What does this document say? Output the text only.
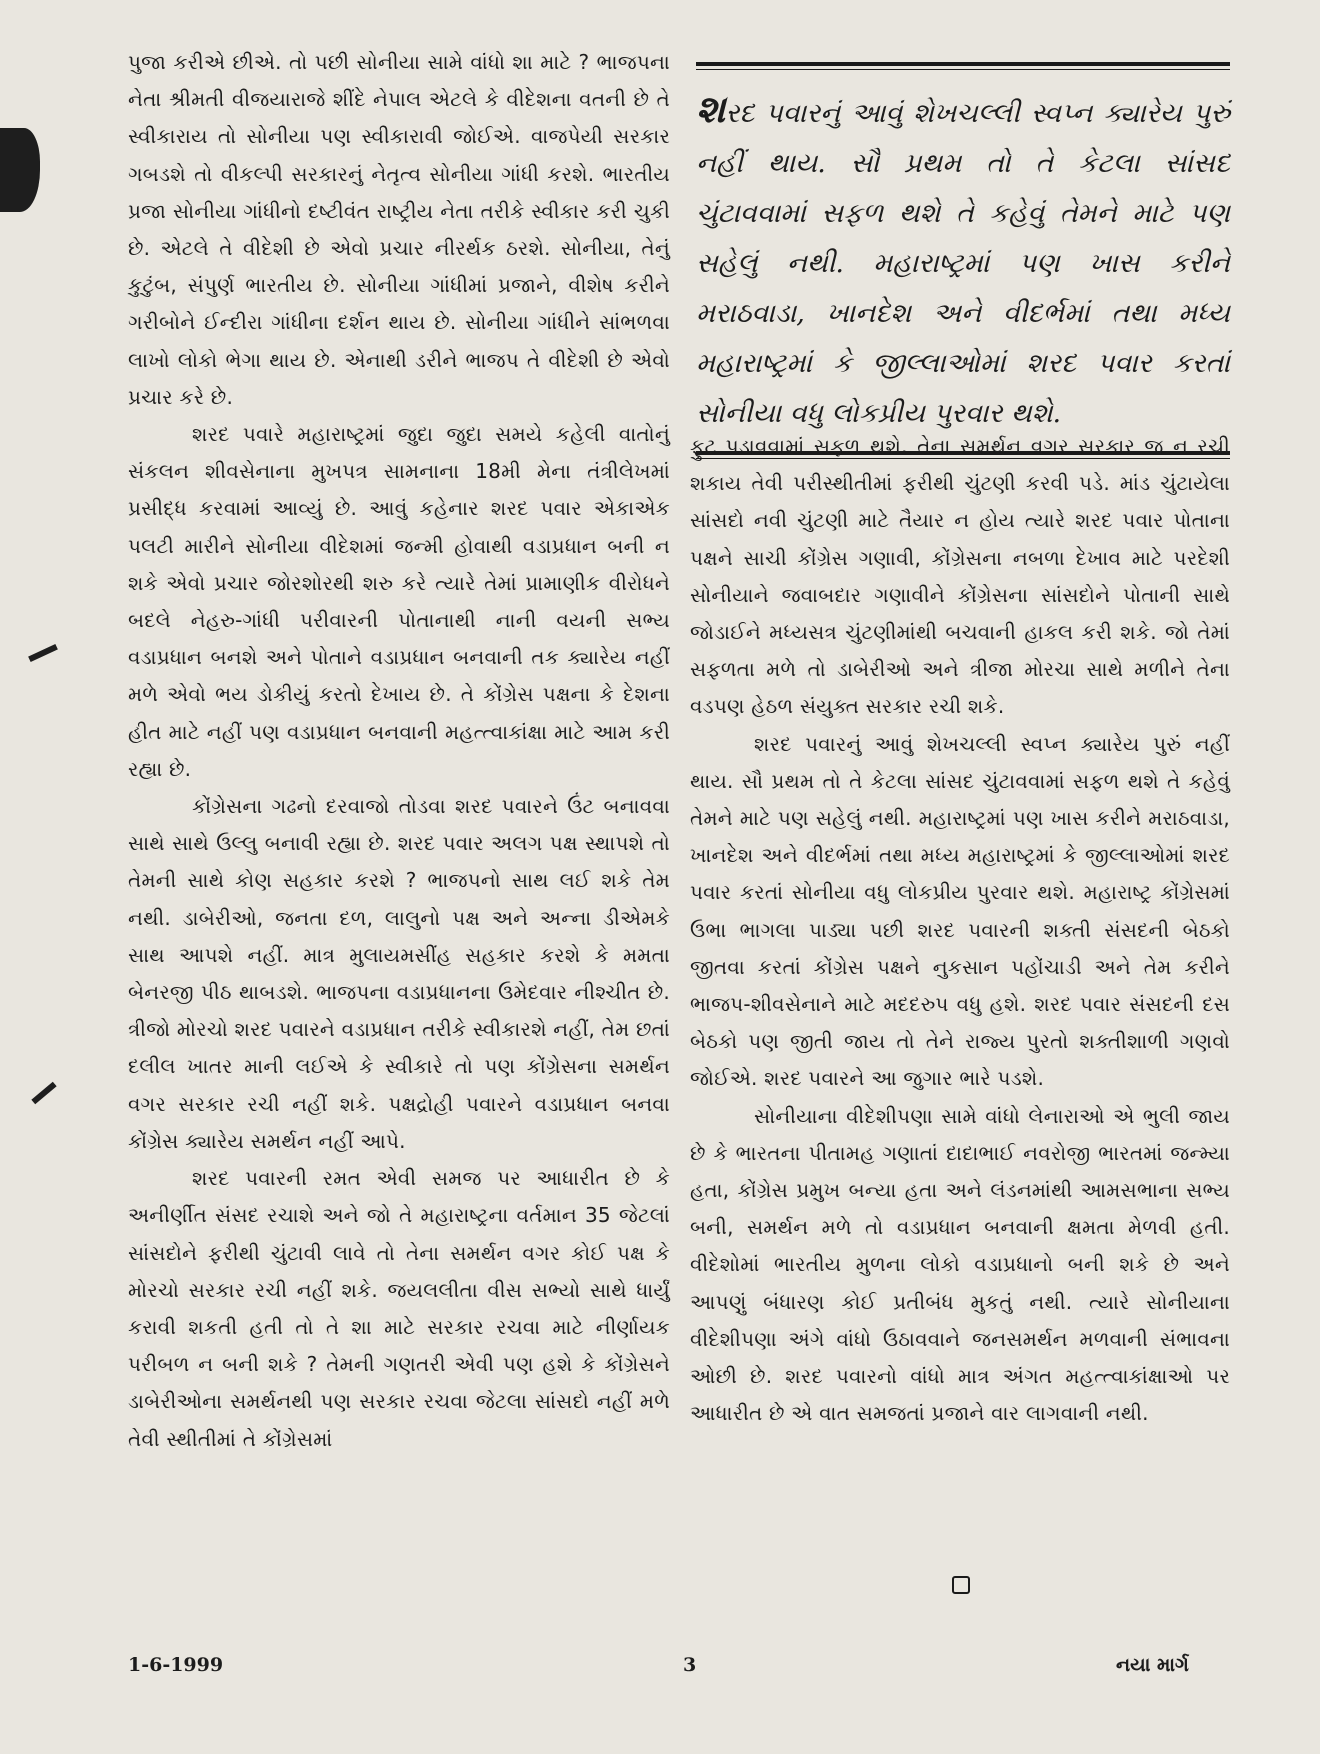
પુજા કરીએ છીએ. તો પછી સોનીયા સામે વાંધો શા માટે ? ભાજપના નેતા શ્રીમતી વીજયારાજે શીંદે નેપાલ એટલે કે વીદેશના વતની છે તે સ્વીકારાય તો સોનીયા પણ સ્વીકારાવી જોઈએ. વાજપેયી સરકાર ગબડશે તો વીકલ્પી સરકારનું નેતૃત્વ સોનીયા ગાંધી કરશે. ભારતીય પ્રજા સોનીયા ગાંધીનો દષ્ટીવંત રાષ્ટ્રીય નેતા તરીકે સ્વીકાર કરી ચુકી છે. એટલે તે વીદેશી છે એવો પ્રચાર નીરર્થક ઠરશે. સોનીયા, તેનું કુટુંબ, સંપુર્ણ ભારતીય છે. સોનીયા ગાંધીમાં પ્રજાને, વીશેષ કરીને ગરીબોને ઈન્દીરા ગાંધીના દર્શન થાય છે. સોનીયા ગાંધીને સાંભળવા લાખો લોકો ભેગા થાય છે. એનાથી ડરીને ભાજપ તે વીદેશી છે એવો પ્રચાર કરે છે.

શરદ પવારે મહારાષ્ટ્રમાં જુદા જુદા સમયે કહેલી વાતોનું સંકલન શીવસેનાના મુખપત્ર સામનાના 18મી મેના તંત્રીલેખમાં પ્રસીદ્ધ કરવામાં આવ્યું છે. આવું કહેનાર શરદ પવાર એકાએક પલટી મારીને સોનીયા વીદેશમાં જન્મી હોવાથી વડાપ્રધાન બની ન શકે એવો પ્રચાર જોરશોરથી શરુ કરે ત્યારે તેમાં પ્રામાણીક વીરોધને બદલે નેહરુ-ગાંધી પરીવારની પોતાનાથી નાની વયની સભ્ય વડાપ્રધાન બનશે અને પોતાને વડાપ્રધાન બનવાની તક ક્યારેય નહીં મળે એવો ભય ડોકીયું કરતો દેખાય છે. તે કોંગ્રેસ પક્ષના કે દેશના હીત માટે નહીં પણ વડાપ્રધાન બનવાની મહત્ત્વાકાંક્ષા માટે આમ કરી રહ્યા છે.

કોંગ્રેસના ગઢનો દરવાજો તોડવા શરદ પવારને ઉંટ બનાવવા સાથે સાથે ઉલ્લુ બનાવી રહ્યા છે. શરદ પવાર અલગ પક્ષ સ્થાપશે તો તેમની સાથે કોણ સહકાર કરશે ? ભાજપનો સાથ લઈ શકે તેમ નથી. ડાબેરીઓ, જનતા દળ, લાલુનો પક્ષ અને અન્ના ડીએમકે સાથ આપશે નહીં. માત્ર મુલાયમસીંહ સહકાર કરશે કે મમતા બેનરજી પીઠ થાબડશે. ભાજપના વડાપ્રધાનના ઉમેદવાર નીશ્ચીત છે. ત્રીજો મોરચો શરદ પવારને વડાપ્રધાન તરીકે સ્વીકારશે નહીં, તેમ છતાં દલીલ ખાતર માની લઈએ કે સ્વીકારે તો પણ કોંગ્રેસના સમર્થન વગર સરકાર રચી નહીં શકે. પક્ષદ્રોહી પવારને વડાપ્રધાન બનવા કોંગ્રેસ ક્યારેય સમર્થન નહીં આપે.

શરદ પવારની રમત એવી સમજ પર આધારીત છે કે અનીર્ણીત સંસદ રચાશે અને જો તે મહારાષ્ટ્રના વર્તમાન 35 જેટલાં સાંસદોને ફરીથી ચુંટાવી લાવે તો તેના સમર્થન વગર કોઈ પક્ષ કે મોરચો સરકાર રચી નહીં શકે. જયલલીતા વીસ સભ્યો સાથે ધાર્યું કરાવી શકતી હતી તો તે શા માટે સરકાર રચવા માટે નીર્ણાયક પરીબળ ન બની શકે ? તેમની ગણતરી એવી પણ હશે કે કોંગ્રેસને ડાબેરીઓના સમર્થનથી પણ સરકાર રચવા જેટલા સાંસદો નહીં મળે તેવી સ્થીતીમાં તે કોંગ્રેસમાં

શરદ પવારનું આવું શેખચલ્લી સ્વપ્ન ક્યારેય પુરું નહીં થાય. સૌ પ્રથમ તો તે કેટલા સાંસદ ચુંટાવવામાં સફળ થશે તે કહેવું તેમને માટે પણ સહેલું નથી. મહારાષ્ટ્રમાં પણ ખાસ કરીને મરાઠવાડા, ખાનદેશ અને વીદર્ભમાં તથા મધ્ય મહારાષ્ટ્રમાં કે જીલ્લાઓમાં શરદ પવાર કરતાં સોનીયા વધુ લોકપ્રીય પુરવાર થશે.

ફુટ પડાવવામાં સફળ થશે. તેના સમર્થન વગર સરકાર જ ન રચી શકાય તેવી પરીસ્થીતીમાં ફરીથી ચુંટણી કરવી પડે. માંડ ચુંટાયેલા સાંસદો નવી ચુંટણી માટે તૈયાર ન હોય ત્યારે શરદ પવાર પોતાના પક્ષને સાચી કોંગ્રેસ ગણાવી, કોંગ્રેસના નબળા દેખાવ માટે પરદેશી સોનીયાને જવાબદાર ગણાવીને કોંગ્રેસના સાંસદોને પોતાની સાથે જોડાઈને મધ્યસત્ર ચુંટણીમાંથી બચવાની હાકલ કરી શકે. જો તેમાં સફળતા મળે તો ડાબેરીઓ અને ત્રીજા મોરચા સાથે મળીને તેના વડપણ હેઠળ સંયુક્ત સરકાર રચી શકે.

શરદ પવારનું આવું શેખચલ્લી સ્વપ્ન ક્યારેય પુરું નહીં થાય. સૌ પ્રથમ તો તે કેટલા સાંસદ ચુંટાવવામાં સફળ થશે તે કહેવું તેમને માટે પણ સહેલું નથી. મહારાષ્ટ્રમાં પણ ખાસ કરીને મરાઠવાડા, ખાનદેશ અને વીદર્ભમાં તથા મધ્ય મહારાષ્ટ્રમાં કે જીલ્લાઓમાં શરદ પવાર કરતાં સોનીયા વધુ લોકપ્રીય પુરવાર થશે. મહારાષ્ટ્ર કોંગ્રેસમાં ઉભા ભાગલા પાડ્યા પછી શરદ પવારની શક્તી સંસદની બેઠકો જીતવા કરતાં કોંગ્રેસ પક્ષને નુકસાન પહોંચાડી અને તેમ કરીને ભાજપ-શીવસેનાને માટે મદદરુપ વધુ હશે. શરદ પવાર સંસદની દસ બેઠકો પણ જીતી જાય તો તેને રાજ્ય પુરતો શક્તીશાળી ગણવો જોઈએ. શરદ પવારને આ જુગાર ભારે પડશે.

સોનીયાના વીદેશીપણા સામે વાંધો લેનારાઓ એ ભુલી જાય છે કે ભારતના પીતામહ ગણાતાં દાદાભાઈ નવરોજી ભારતમાં જન્મ્યા હતા, કોંગ્રેસ પ્રમુખ બન્યા હતા અને લંડનમાંથી આમસભાના સભ્ય બની, સમર્થન મળે તો વડાપ્રધાન બનવાની ક્ષમતા મેળવી હતી. વીદેશોમાં ભારતીય મુળના લોકો વડાપ્રધાનો બની શકે છે અને આપણું બંધારણ કોઈ પ્રતીબંધ મુકતું નથી. ત્યારે સોનીયાના વીદેશીપણા અંગે વાંધો ઉઠાવવાને જનસમર્થન મળવાની સંભાવના ઓછી છે. શરદ પવારનો વાંધો માત્ર અંગત મહત્ત્વાકાંક્ષાઓ પર આધારીત છે એ વાત સમજતાં પ્રજાને વાર લાગવાની નથી.

1-6-1999	3	નયા માર્ગ
